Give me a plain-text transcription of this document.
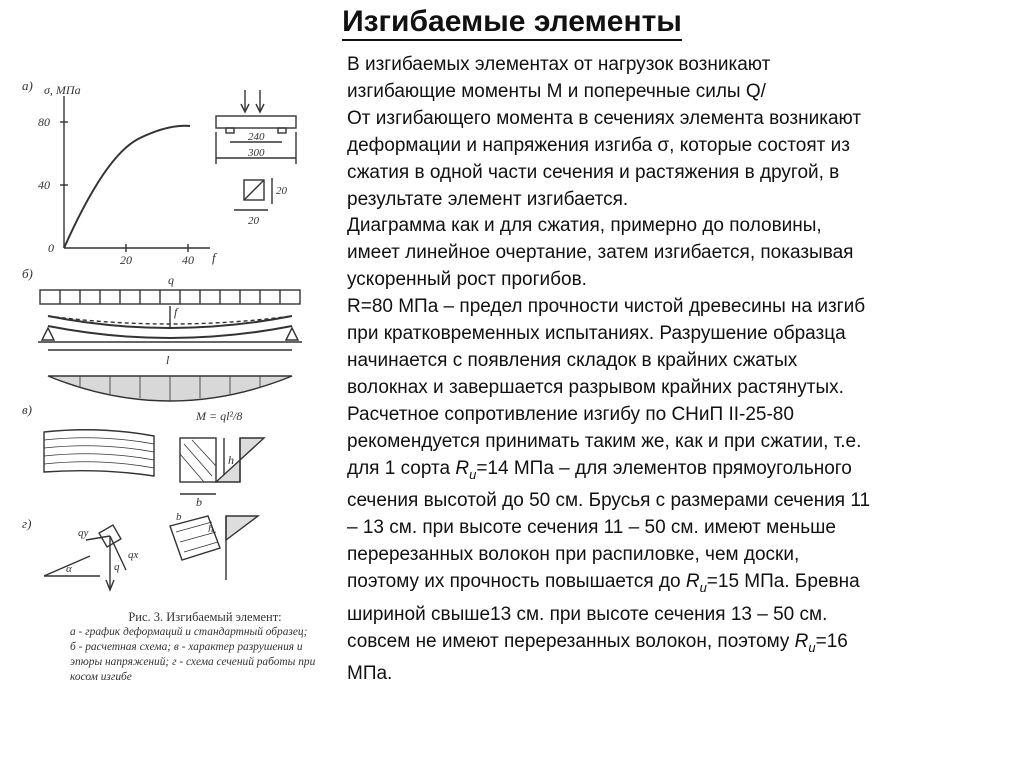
Изгибаемые элементы
а) σ, МПа
80
40
0
20	40 f
240
300
20
20
б)	q
f
l
M = ql²/8
в)
h
b
г)
qy
qx
q
α
b
h
Рис. 3. Изгибаемый элемент:
а - график деформаций и стандартный образец;
б - расчетная схема; в - характер разрушения и
эпюры напряжений; г - схема сечений работы при
косом изгибе

В изгибаемых элементах от нагрузок возникают

изгибающие моменты M и поперечные силы Q/

От изгибающего момента в сечениях элемента возникают

деформации и напряжения изгиба σ, которые состоят из

сжатия в одной части сечения и растяжения в другой, в

результате элемент изгибается.

Диаграмма как и для сжатия, примерно до половины,

имеет линейное очертание, затем изгибается, показывая

ускоренный рост прогибов.

R=80 МПа – предел прочности чистой древесины на изгиб

при кратковременных испытаниях. Разрушение образца

начинается с появления складок в крайних сжатых

волокнах и завершается разрывом крайних растянутых.

Расчетное сопротивление изгибу по СНиП II-25-80

рекомендуется принимать таким же, как и при сжатии, т.е.

для 1 сорта $R_u=14$ МПа – для элементов прямоугольного

сечения высотой до 50 см. Брусья с размерами сечения 11

– 13 см. при высоте сечения 11 – 50 см. имеют меньше

перерезанных волокон при распиловке, чем доски,

поэтому их прочность повышается до $R_u=15$ МПа. Бревна

шириной свыше13 см. при высоте сечения 13 – 50 см.

совсем не имеют перерезанных волокон, поэтому $R_u=16$

МПа.
